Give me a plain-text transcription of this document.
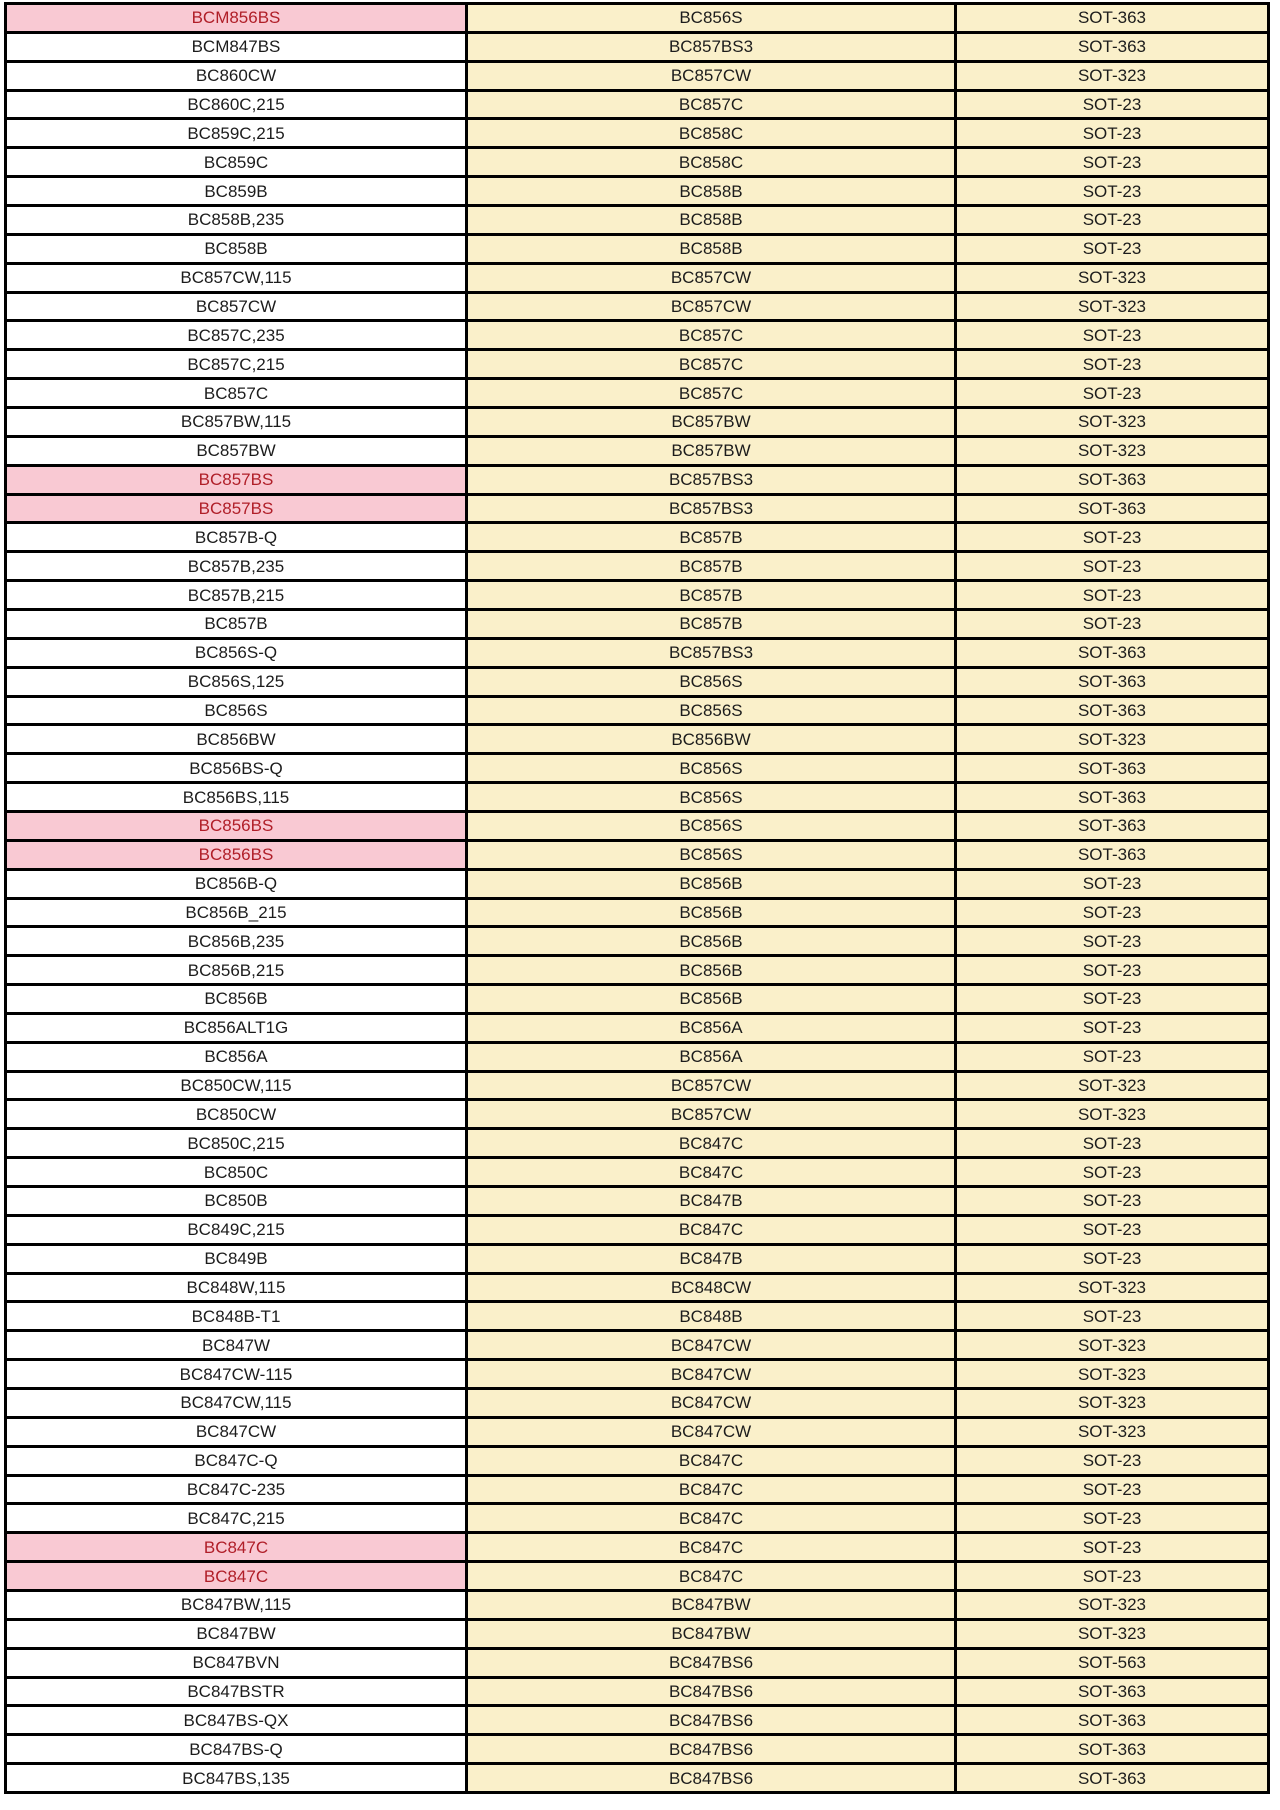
BCM856BS	BC856S	SOT-363
BCM847BS	BC857BS3	SOT-363
BC860CW	BC857CW	SOT-323
BC860C,215	BC857C	SOT-23
BC859C,215	BC858C	SOT-23
BC859C	BC858C	SOT-23
BC859B	BC858B	SOT-23
BC858B,235	BC858B	SOT-23
BC858B	BC858B	SOT-23
BC857CW,115	BC857CW	SOT-323
BC857CW	BC857CW	SOT-323
BC857C,235	BC857C	SOT-23
BC857C,215	BC857C	SOT-23
BC857C	BC857C	SOT-23
BC857BW,115	BC857BW	SOT-323
BC857BW	BC857BW	SOT-323
BC857BS	BC857BS3	SOT-363
BC857BS	BC857BS3	SOT-363
BC857B-Q	BC857B	SOT-23
BC857B,235	BC857B	SOT-23
BC857B,215	BC857B	SOT-23
BC857B	BC857B	SOT-23
BC856S-Q	BC857BS3	SOT-363
BC856S,125	BC856S	SOT-363
BC856S	BC856S	SOT-363
BC856BW	BC856BW	SOT-323
BC856BS-Q	BC856S	SOT-363
BC856BS,115	BC856S	SOT-363
BC856BS	BC856S	SOT-363
BC856BS	BC856S	SOT-363
BC856B-Q	BC856B	SOT-23
BC856B_215	BC856B	SOT-23
BC856B,235	BC856B	SOT-23
BC856B,215	BC856B	SOT-23
BC856B	BC856B	SOT-23
BC856ALT1G	BC856A	SOT-23
BC856A	BC856A	SOT-23
BC850CW,115	BC857CW	SOT-323
BC850CW	BC857CW	SOT-323
BC850C,215	BC847C	SOT-23
BC850C	BC847C	SOT-23
BC850B	BC847B	SOT-23
BC849C,215	BC847C	SOT-23
BC849B	BC847B	SOT-23
BC848W,115	BC848CW	SOT-323
BC848B-T1	BC848B	SOT-23
BC847W	BC847CW	SOT-323
BC847CW-115	BC847CW	SOT-323
BC847CW,115	BC847CW	SOT-323
BC847CW	BC847CW	SOT-323
BC847C-Q	BC847C	SOT-23
BC847C-235	BC847C	SOT-23
BC847C,215	BC847C	SOT-23
BC847C	BC847C	SOT-23
BC847C	BC847C	SOT-23
BC847BW,115	BC847BW	SOT-323
BC847BW	BC847BW	SOT-323
BC847BVN	BC847BS6	SOT-563
BC847BSTR	BC847BS6	SOT-363
BC847BS-QX	BC847BS6	SOT-363
BC847BS-Q	BC847BS6	SOT-363
BC847BS,135	BC847BS6	SOT-363
